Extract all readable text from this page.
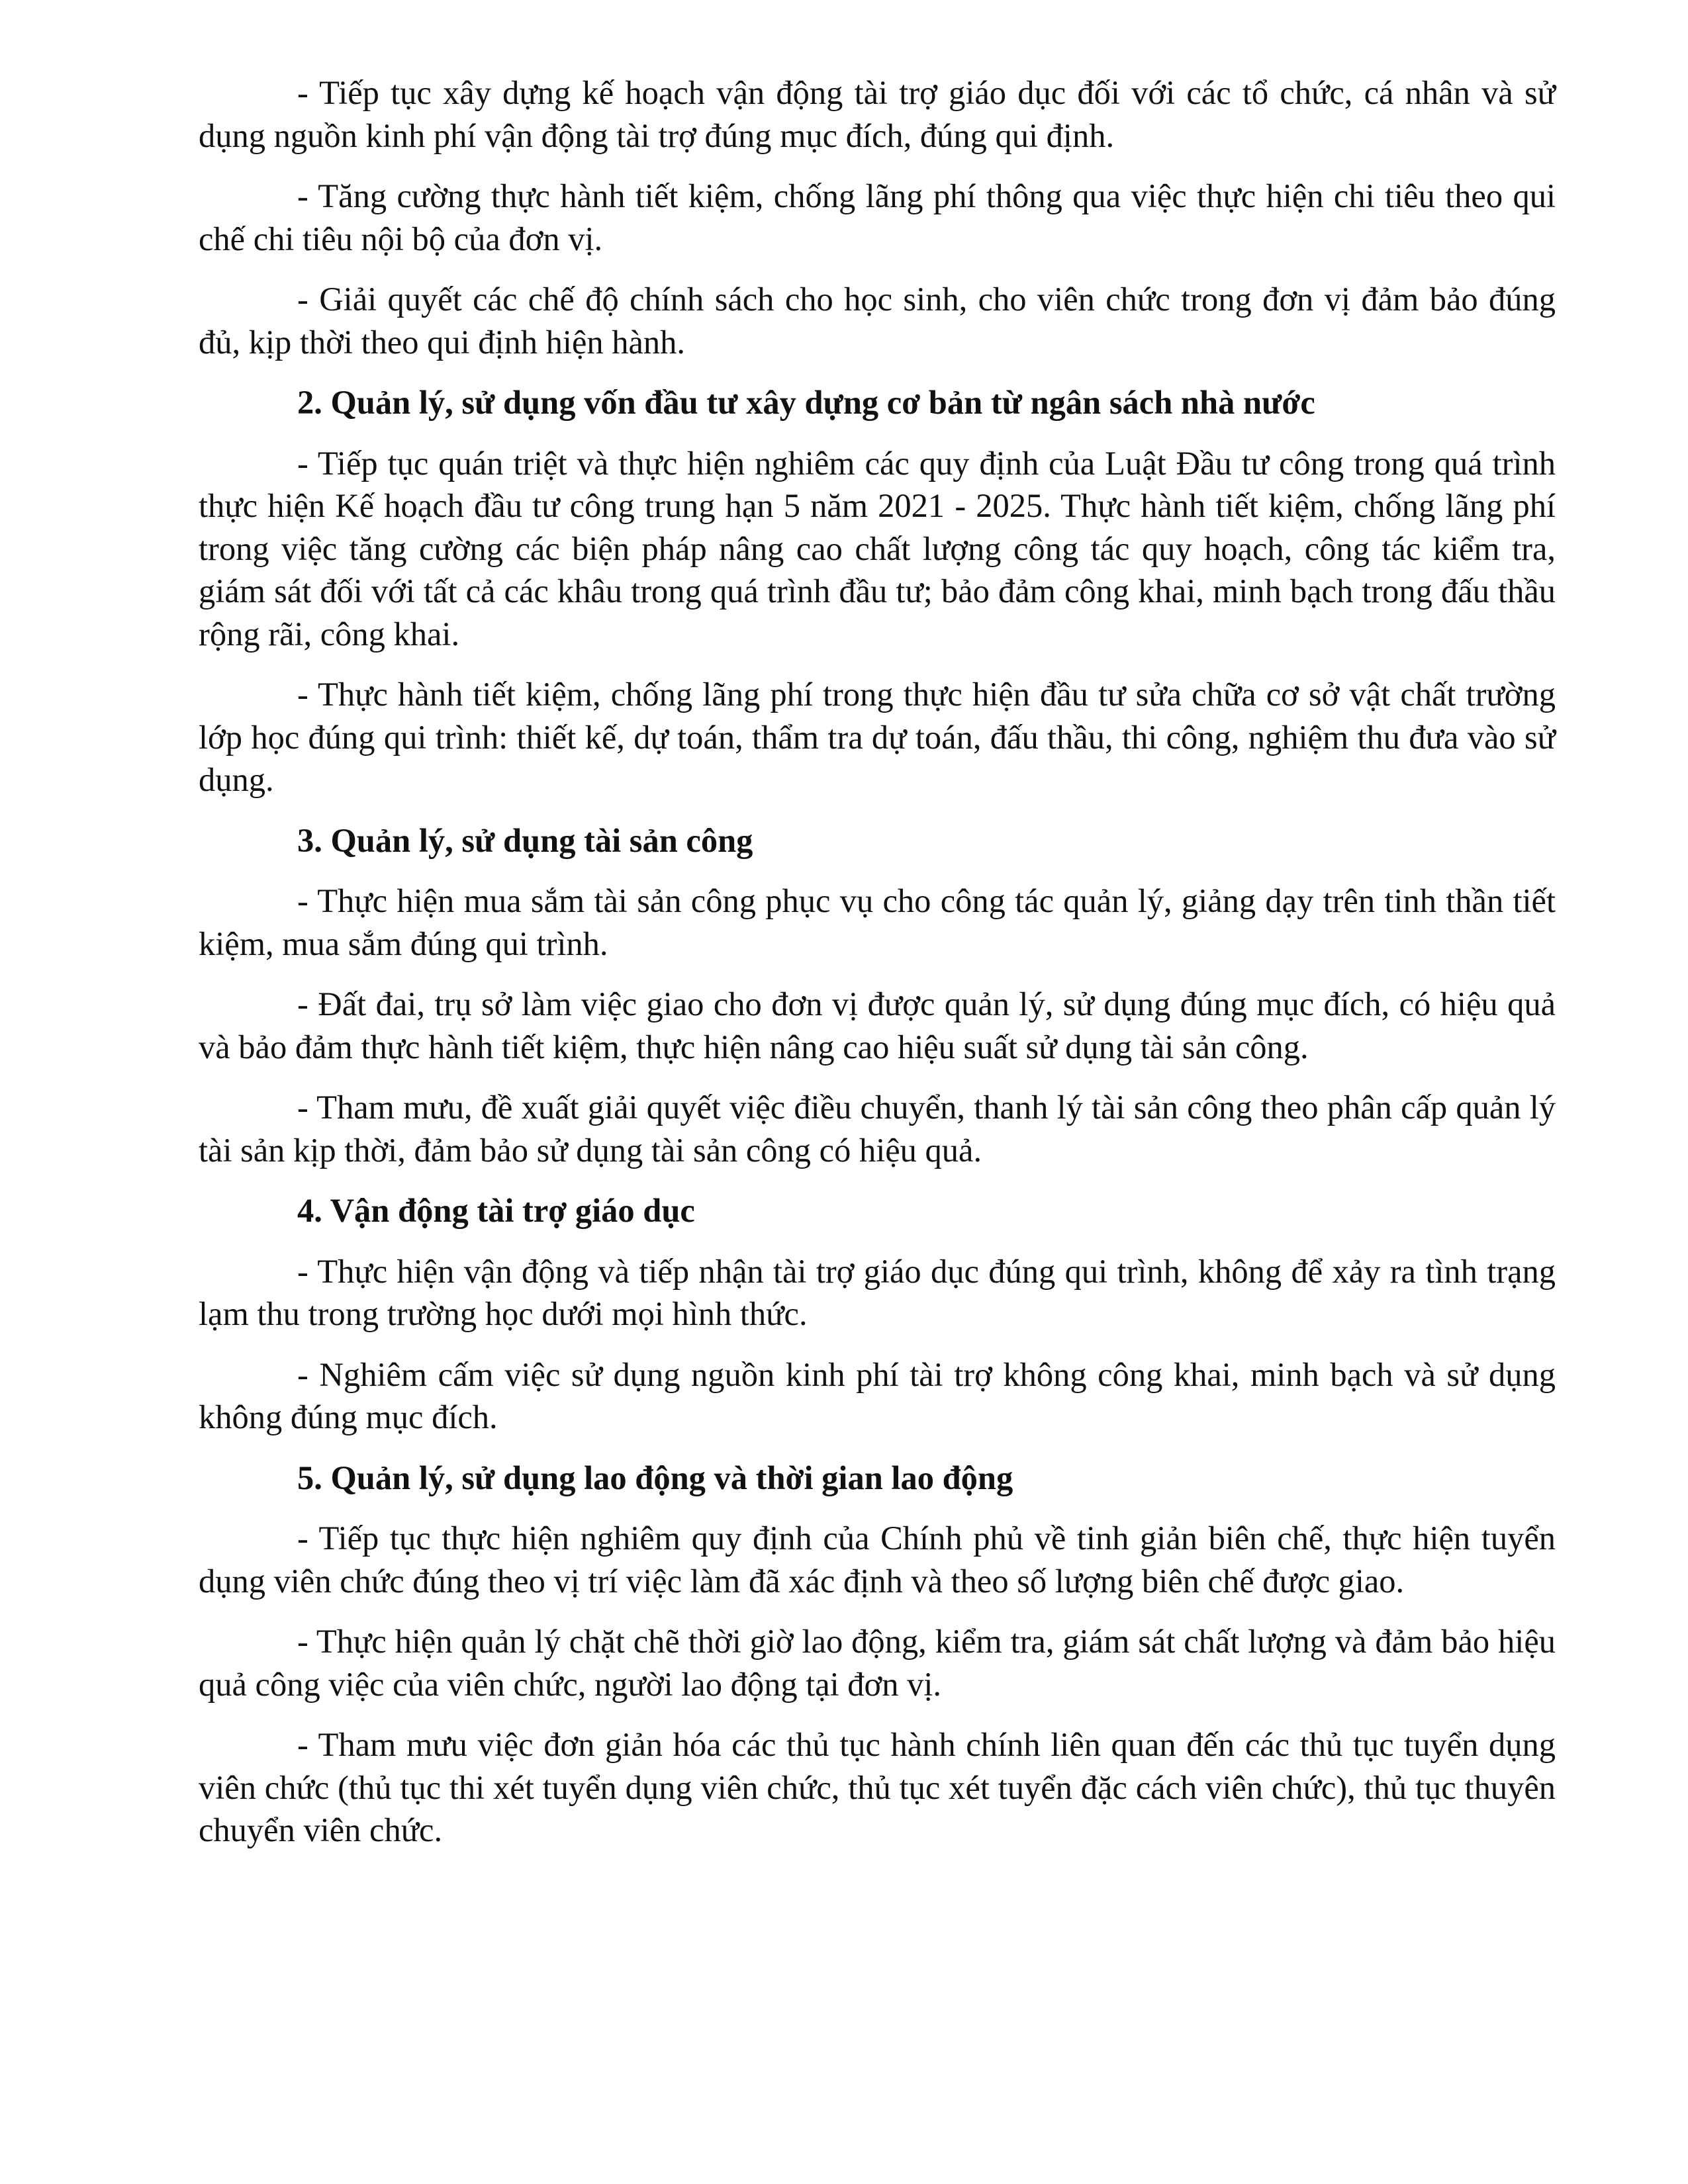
- Tiếp tục xây dựng kế hoạch vận động tài trợ giáo dục đối với các tổ chức, cá nhân và sử dụng nguồn kinh phí vận động tài trợ đúng mục đích, đúng qui định.

- Tăng cường thực hành tiết kiệm, chống lãng phí thông qua việc thực hiện chi tiêu theo qui chế chi tiêu nội bộ của đơn vị.

- Giải quyết các chế độ chính sách cho học sinh, cho viên chức trong đơn vị đảm bảo đúng đủ, kịp thời theo qui định hiện hành.

2. Quản lý, sử dụng vốn đầu tư xây dựng cơ bản từ ngân sách nhà nước

- Tiếp tục quán triệt và thực hiện nghiêm các quy định của Luật Đầu tư công trong quá trình thực hiện Kế hoạch đầu tư công trung hạn 5 năm 2021 - 2025. Thực hành tiết kiệm, chống lãng phí trong việc tăng cường các biện pháp nâng cao chất lượng công tác quy hoạch, công tác kiểm tra, giám sát đối với tất cả các khâu trong quá trình đầu tư; bảo đảm công khai, minh bạch trong đấu thầu rộng rãi, công khai.

- Thực hành tiết kiệm, chống lãng phí trong thực hiện đầu tư sửa chữa cơ sở vật chất trường lớp học đúng qui trình: thiết kế, dự toán, thẩm tra dự toán, đấu thầu, thi công, nghiệm thu đưa vào sử dụng.

3. Quản lý, sử dụng tài sản công

- Thực hiện mua sắm tài sản công phục vụ cho công tác quản lý, giảng dạy trên tinh thần tiết kiệm, mua sắm đúng qui trình.

- Đất đai, trụ sở làm việc giao cho đơn vị được quản lý, sử dụng đúng mục đích, có hiệu quả và bảo đảm thực hành tiết kiệm, thực hiện nâng cao hiệu suất sử dụng tài sản công.

- Tham mưu, đề xuất giải quyết việc điều chuyển, thanh lý tài sản công theo phân cấp quản lý tài sản kịp thời, đảm bảo sử dụng tài sản công có hiệu quả.

4. Vận động tài trợ giáo dục

- Thực hiện vận động và tiếp nhận tài trợ giáo dục đúng qui trình, không để xảy ra tình trạng lạm thu trong trường học dưới mọi hình thức.

- Nghiêm cấm việc sử dụng nguồn kinh phí tài trợ không công khai, minh bạch và sử dụng không đúng mục đích.

5. Quản lý, sử dụng lao động và thời gian lao động

- Tiếp tục thực hiện nghiêm quy định của Chính phủ về tinh giản biên chế, thực hiện tuyển dụng viên chức đúng theo vị trí việc làm đã xác định và theo số lượng biên chế được giao.

- Thực hiện quản lý chặt chẽ thời giờ lao động, kiểm tra, giám sát chất lượng và đảm bảo hiệu quả công việc của viên chức, người lao động tại đơn vị.

- Tham mưu việc đơn giản hóa các thủ tục hành chính liên quan đến các thủ tục tuyển dụng viên chức (thủ tục thi xét tuyển dụng viên chức, thủ tục xét tuyển đặc cách viên chức), thủ tục thuyên chuyển viên chức.
